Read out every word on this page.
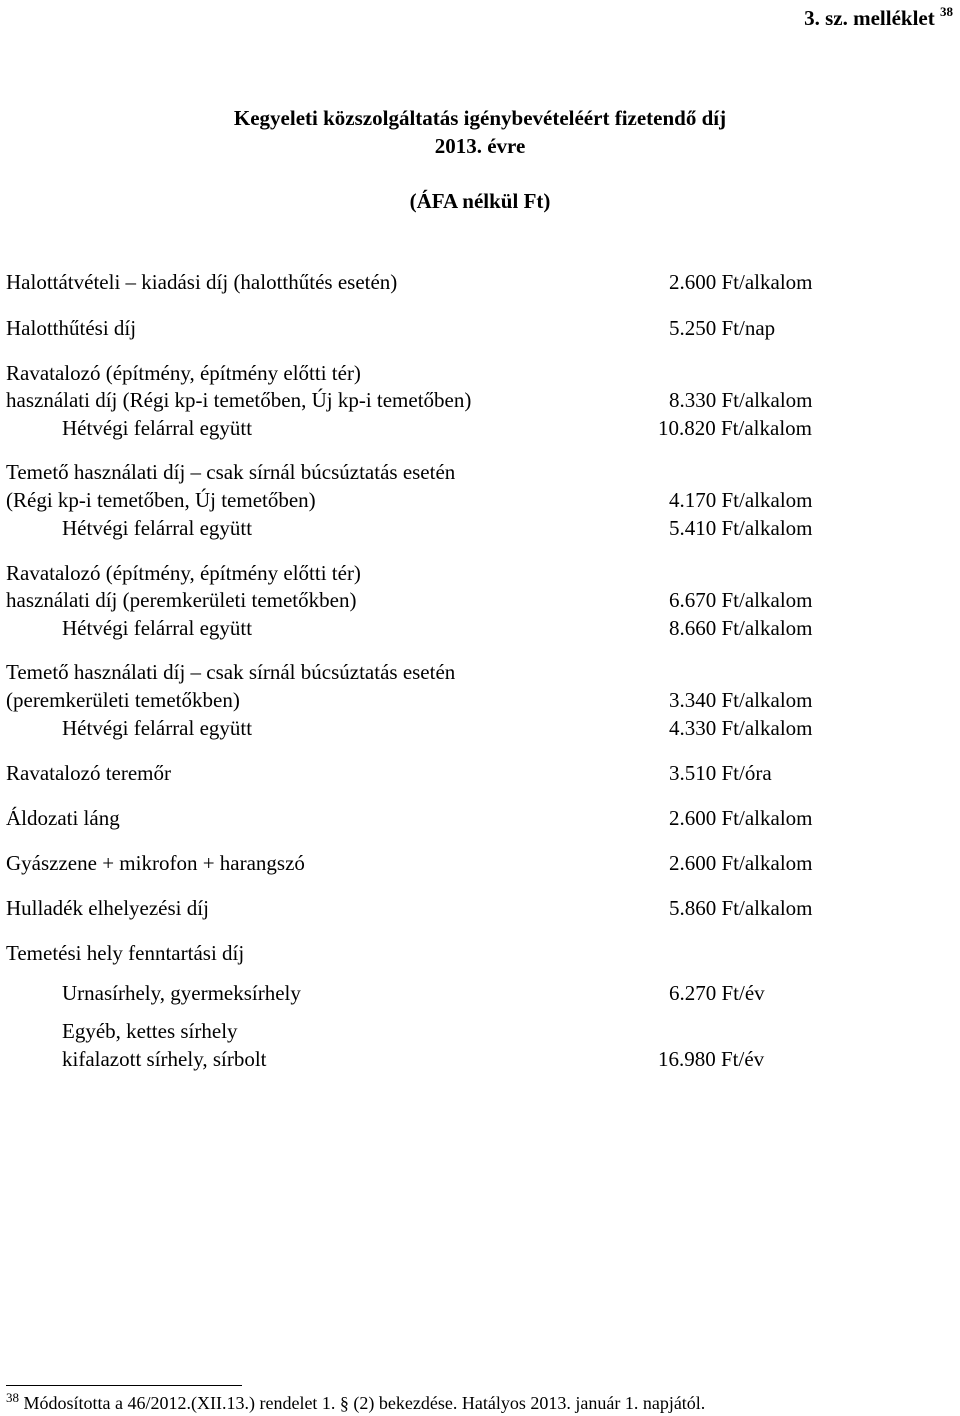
3. sz. melléklet $^{38}$
Kegyeleti közszolgáltatás igénybevételéért fizetendő díj
2013. évre
(ÁFA nélkül Ft)
Halottátvételi – kiadási díj (halotthűtés esetén)	2.600 Ft/alkalom
Halotthűtési díj	5.250 Ft/nap
Ravatalozó (építmény, építmény előtti tér)
használati díj (Régi kp-i temetőben, Új kp-i temetőben)	8.330 Ft/alkalom
Hétvégi felárral együtt	10.820 Ft/alkalom
Temető használati díj – csak sírnál búcsúztatás esetén
(Régi kp-i temetőben, Új temetőben)	4.170 Ft/alkalom
Hétvégi felárral együtt	5.410 Ft/alkalom
Ravatalozó (építmény, építmény előtti tér)
használati díj (peremkerületi temetőkben)	6.670 Ft/alkalom
Hétvégi felárral együtt	8.660 Ft/alkalom
Temető használati díj – csak sírnál búcsúztatás esetén
(peremkerületi temetőkben)	3.340 Ft/alkalom
Hétvégi felárral együtt	4.330 Ft/alkalom
Ravatalozó teremőr	3.510 Ft/óra
Áldozati láng	2.600 Ft/alkalom
Gyászzene + mikrofon + harangszó	2.600 Ft/alkalom
Hulladék elhelyezési díj	5.860 Ft/alkalom
Temetési hely fenntartási díj
Urnasírhely, gyermeksírhely	6.270 Ft/év
Egyéb, kettes sírhely
kifalazott sírhely, sírbolt	16.980 Ft/év
$^{38}$ Módosította a 46/2012.(XII.13.) rendelet 1. § (2) bekezdése. Hatályos 2013. január 1. napjától.
